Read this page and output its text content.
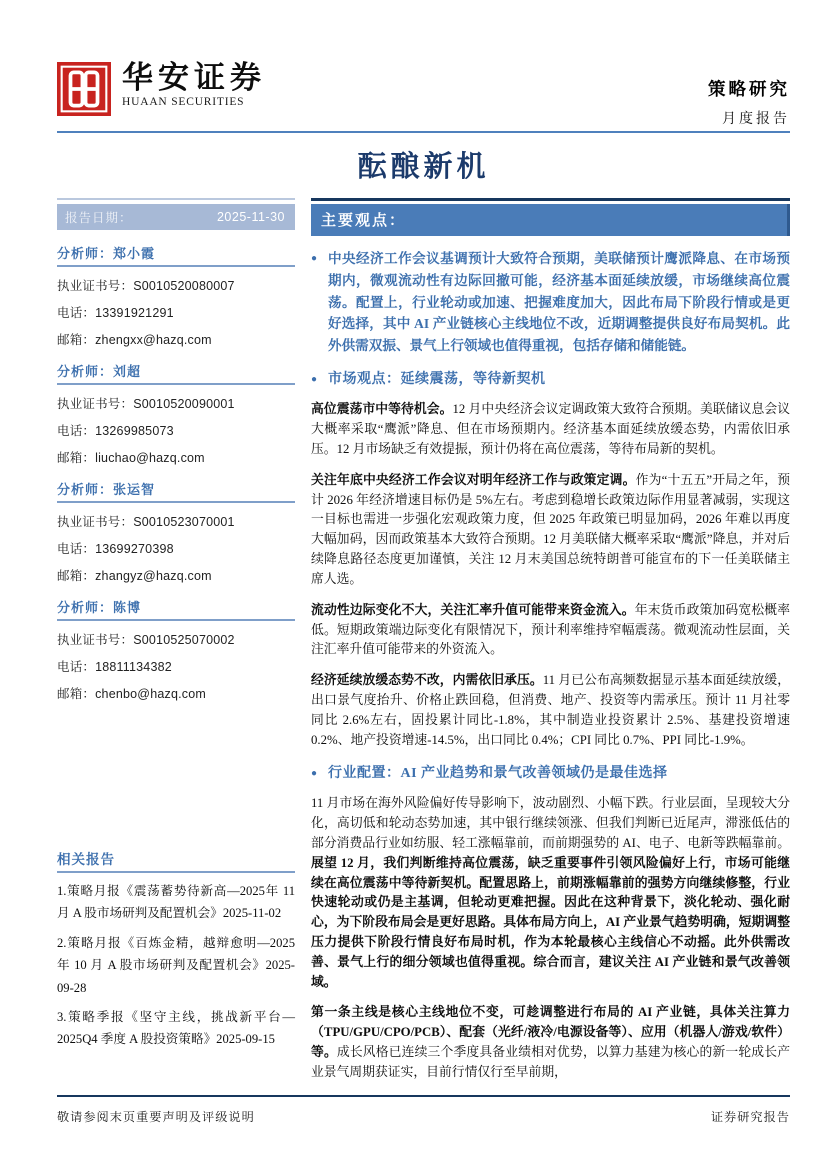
华安证券
HUAAN SECURITIES
策略研究
月度报告
酝酿新机
报告日期：	2025-11-30
分析师：郑小霞
执业证书号：S0010520080007
电话：13391921291
邮箱：zhengxx@hazq.com
分析师：刘超
执业证书号：S0010520090001
电话：13269985073
邮箱：liuchao@hazq.com
分析师：张运智
执业证书号：S0010523070001
电话：13699270398
邮箱：zhangyz@hazq.com
分析师：陈博
执业证书号：S0010525070002
电话：18811134382
邮箱：chenbo@hazq.com
相关报告
1.策略月报《震荡蓄势待新高—2025年 11 月 A 股市场研判及配置机会》2025-11-02
2.策略月报《百炼金精，越辩愈明—2025 年 10 月 A 股市场研判及配置机会》2025-09-28
3.策略季报《坚守主线，挑战新平台—2025Q4 季度 A 股投资策略》2025-09-15
主要观点：
● 中央经济工作会议基调预计大致符合预期，美联储预计鹰派降息、在市场预期内，微观流动性有边际回撤可能，经济基本面延续放缓，市场继续高位震荡。配置上，行业轮动或加速、把握难度加大，因此布局下阶段行情或是更好选择，其中 AI 产业链核心主线地位不改，近期调整提供良好布局契机。此外供需双振、景气上行领域也值得重视，包括存储和储能链。
● 市场观点：延续震荡，等待新契机
高位震荡市中等待机会。12 月中央经济会议定调政策大致符合预期。美联储议息会议大概率采取“鹰派”降息、但在市场预期内。经济基本面延续放缓态势，内需依旧承压。12 月市场缺乏有效提振，预计仍将在高位震荡，等待布局新的契机。
关注年底中央经济工作会议对明年经济工作与政策定调。作为“十五五”开局之年，预计 2026 年经济增速目标仍是 5%左右。考虑到稳增长政策边际作用显著减弱，实现这一目标也需进一步强化宏观政策力度，但 2025 年政策已明显加码，2026 年难以再度大幅加码，因而政策基本大致符合预期。12 月美联储大概率采取“鹰派”降息，并对后续降息路径态度更加谨慎，关注 12 月末美国总统特朗普可能宣布的下一任美联储主席人选。
流动性边际变化不大，关注汇率升值可能带来资金流入。年末货币政策加码宽松概率低。短期政策端边际变化有限情况下，预计利率维持窄幅震荡。微观流动性层面，关注汇率升值可能带来的外资流入。
经济延续放缓态势不改，内需依旧承压。11 月已公布高频数据显示基本面延续放缓，出口景气度抬升、价格止跌回稳，但消费、地产、投资等内需承压。预计 11 月社零同比 2.6%左右，固投累计同比-1.8%，其中制造业投资累计 2.5%、基建投资增速 0.2%、地产投资增速-14.5%，出口同比 0.4%；CPI 同比 0.7%、PPI 同比-1.9%。
● 行业配置：AI 产业趋势和景气改善领域仍是最佳选择
11 月市场在海外风险偏好传导影响下，波动剧烈、小幅下跌。行业层面，呈现较大分化，高切低和轮动态势加速，其中银行继续领涨、但我们判断已近尾声，滞涨低估的部分消费品行业如纺服、轻工涨幅靠前，而前期强势的 AI、电子、电新等跌幅靠前。展望 12 月，我们判断维持高位震荡，缺乏重要事件引领风险偏好上行，市场可能继续在高位震荡中等待新契机。配置思路上，前期涨幅靠前的强势方向继续修整，行业快速轮动或仍是主基调，但轮动更难把握。因此在这种背景下，淡化轮动、强化耐心，为下阶段布局会是更好思路。具体布局方向上，AI 产业景气趋势明确，短期调整压力提供下阶段行情良好布局时机，作为本轮最核心主线信心不动摇。此外供需改善、景气上行的细分领域也值得重视。综合而言，建议关注 AI 产业链和景气改善领域。
第一条主线是核心主线地位不变，可趁调整进行布局的 AI 产业链，具体关注算力（TPU/GPU/CPO/PCB）、配套（光纤/液冷/电源设备等）、应用（机器人/游戏/软件）等。成长风格已连续三个季度具备业绩相对优势，以算力基建为核心的新一轮成长产业景气周期获证实，目前行情仅行至早前期，
敬请参阅末页重要声明及评级说明	证券研究报告
